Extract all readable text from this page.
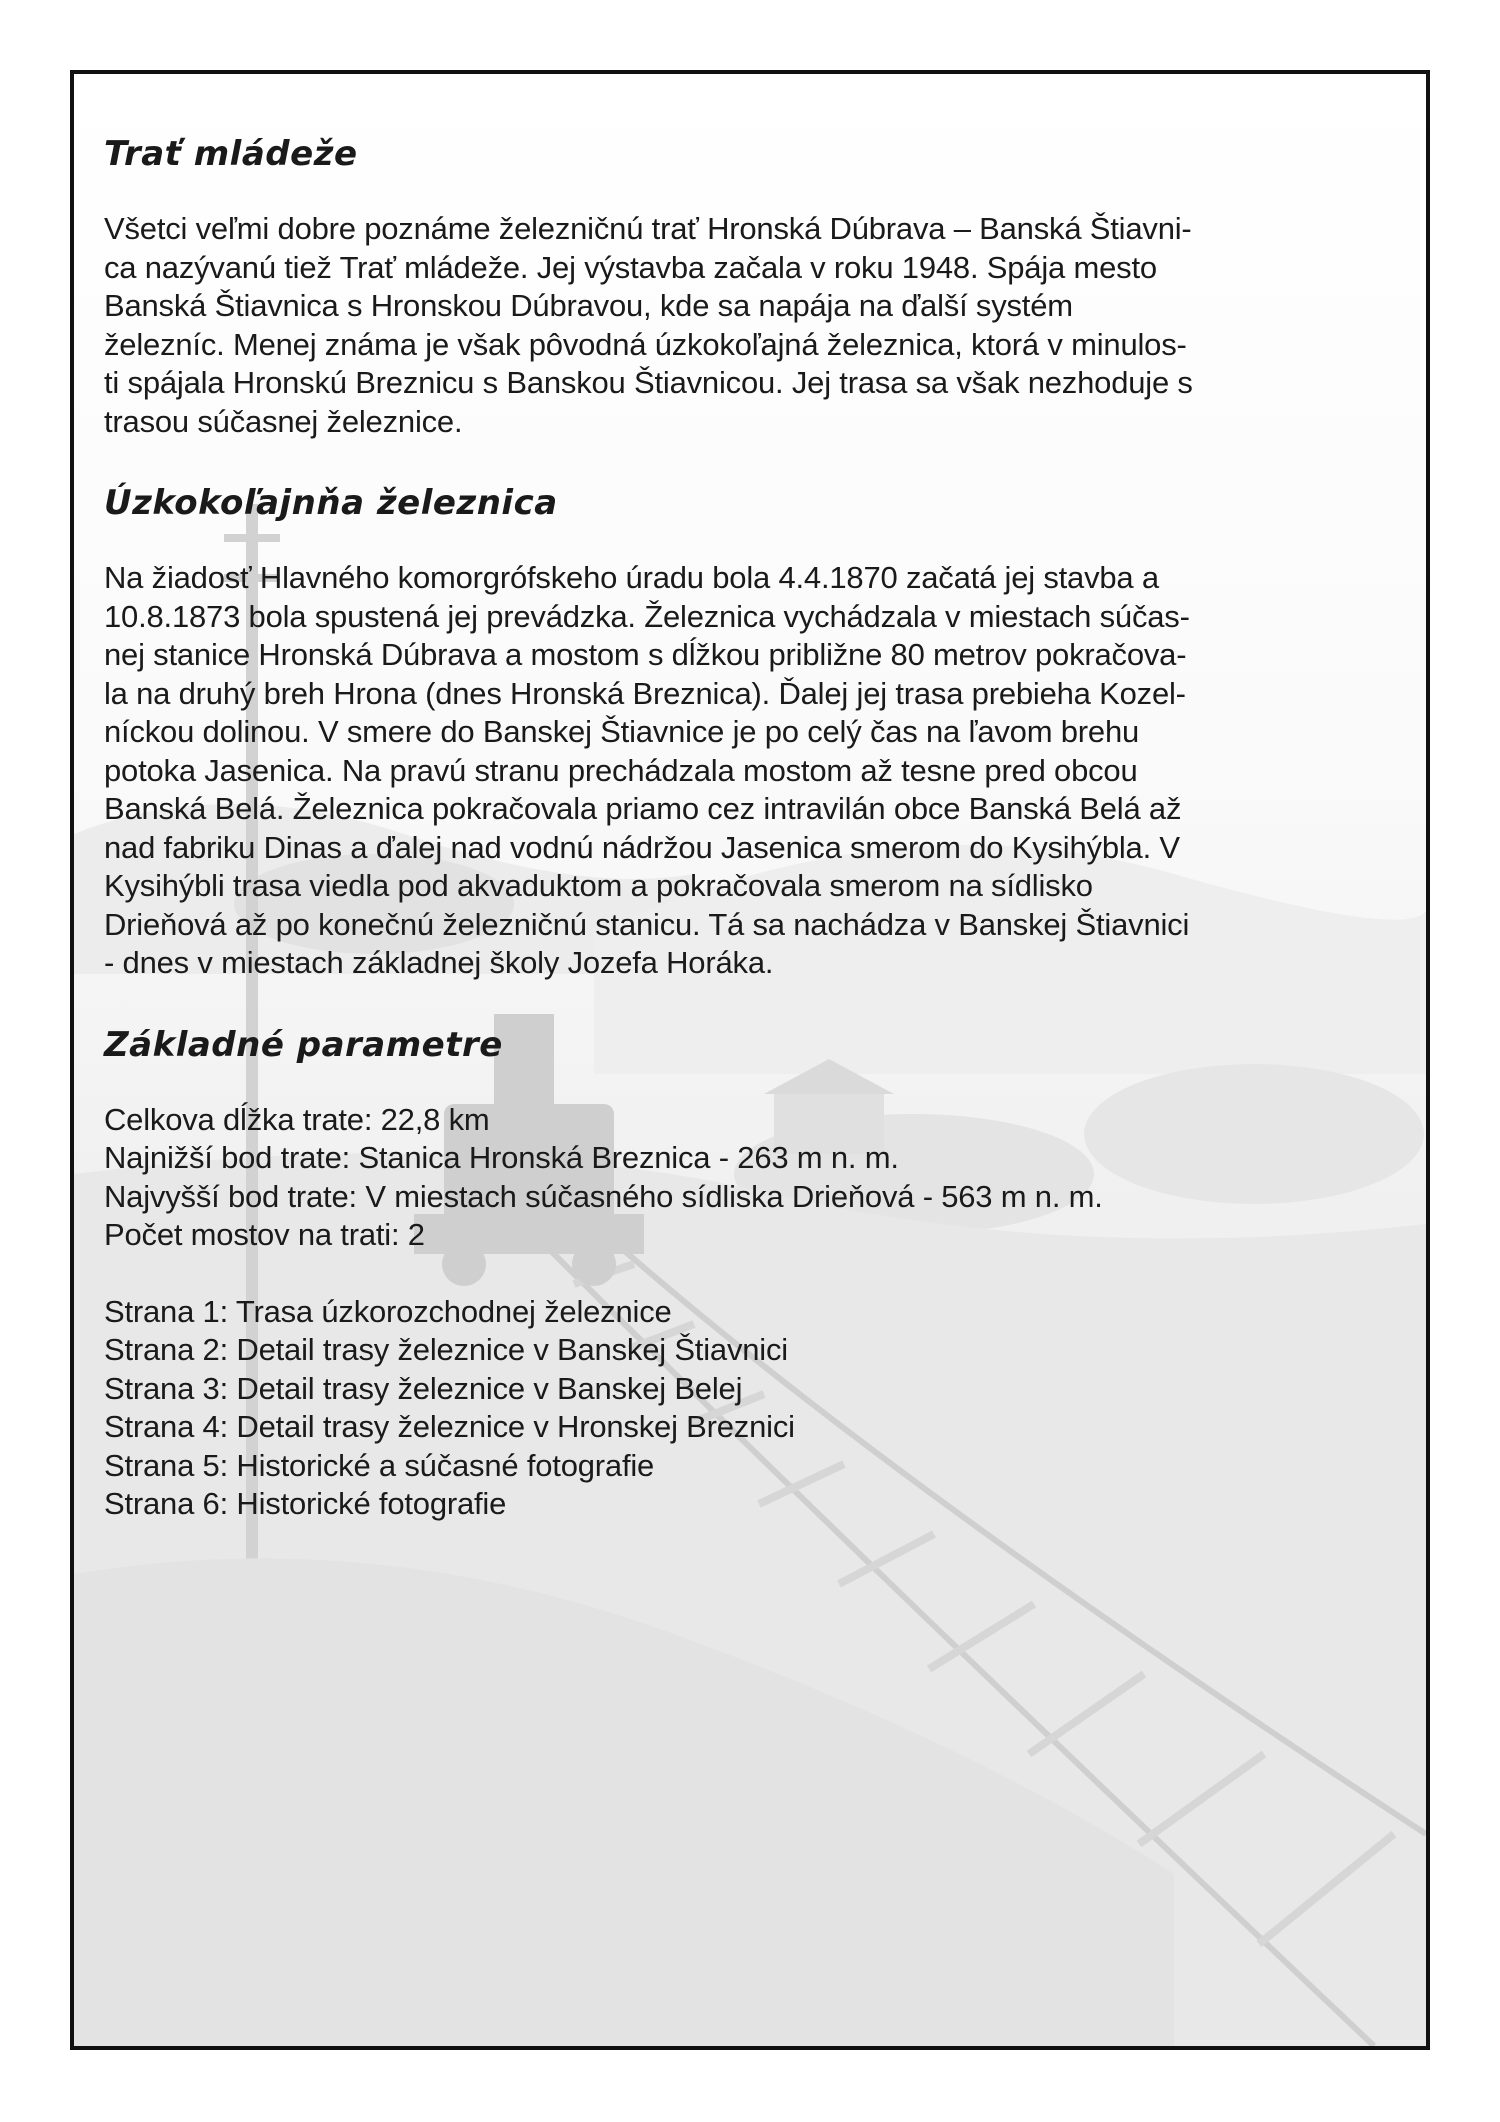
Trať mládeže

Všetci veľmi dobre poznáme železničnú trať Hronská Dúbrava – Banská Štiavni-
ca nazývanú tiež Trať mládeže. Jej výstavba začala v roku 1948. Spája mesto
Banská Štiavnica s Hronskou Dúbravou, kde sa napája na ďalší systém
železníc. Menej známa je však pôvodná úzkokoľajná železnica, ktorá v minulos-
ti spájala Hronskú Breznicu s Banskou Štiavnicou. Jej trasa sa však nezhoduje s
trasou súčasnej železnice.

Úzkokoľajnňa železnica

Na žiadosť Hlavného komorgrófskeho úradu bola 4.4.1870 začatá jej stavba a
10.8.1873 bola spustená jej prevádzka. Železnica vychádzala v miestach súčas-
nej stanice Hronská Dúbrava a mostom s dĺžkou približne 80 metrov pokračova-
la na druhý breh Hrona (dnes Hronská Breznica). Ďalej jej trasa prebieha Kozel-
níckou dolinou. V smere do Banskej Štiavnice je po celý čas na ľavom brehu
potoka Jasenica. Na pravú stranu prechádzala mostom až tesne pred obcou
Banská Belá. Železnica pokračovala priamo cez intravilán obce Banská Belá až
nad fabriku Dinas a ďalej nad vodnú nádržou Jasenica smerom do Kysihýbla. V
Kysihýbli trasa viedla pod akvaduktom a pokračovala smerom na sídlisko
Drieňová až po konečnú železničnú stanicu. Tá sa nachádza v Banskej Štiavnici
- dnes v miestach základnej školy Jozefa Horáka.

Základné parametre
Celkova dĺžka trate: 22,8 km
Najnižší bod trate: Stanica Hronská Breznica - 263 m n. m.
Najvyšší bod trate: V miestach súčasného sídliska Drieňová - 563 m n. m.
Počet mostov na trati: 2
Strana 1: Trasa úzkorozchodnej železnice
Strana 2: Detail trasy železnice v Banskej Štiavnici
Strana 3: Detail trasy železnice v Banskej Belej
Strana 4: Detail trasy železnice v Hronskej Breznici
Strana 5: Historické a súčasné fotografie
Strana 6: Historické fotografie
